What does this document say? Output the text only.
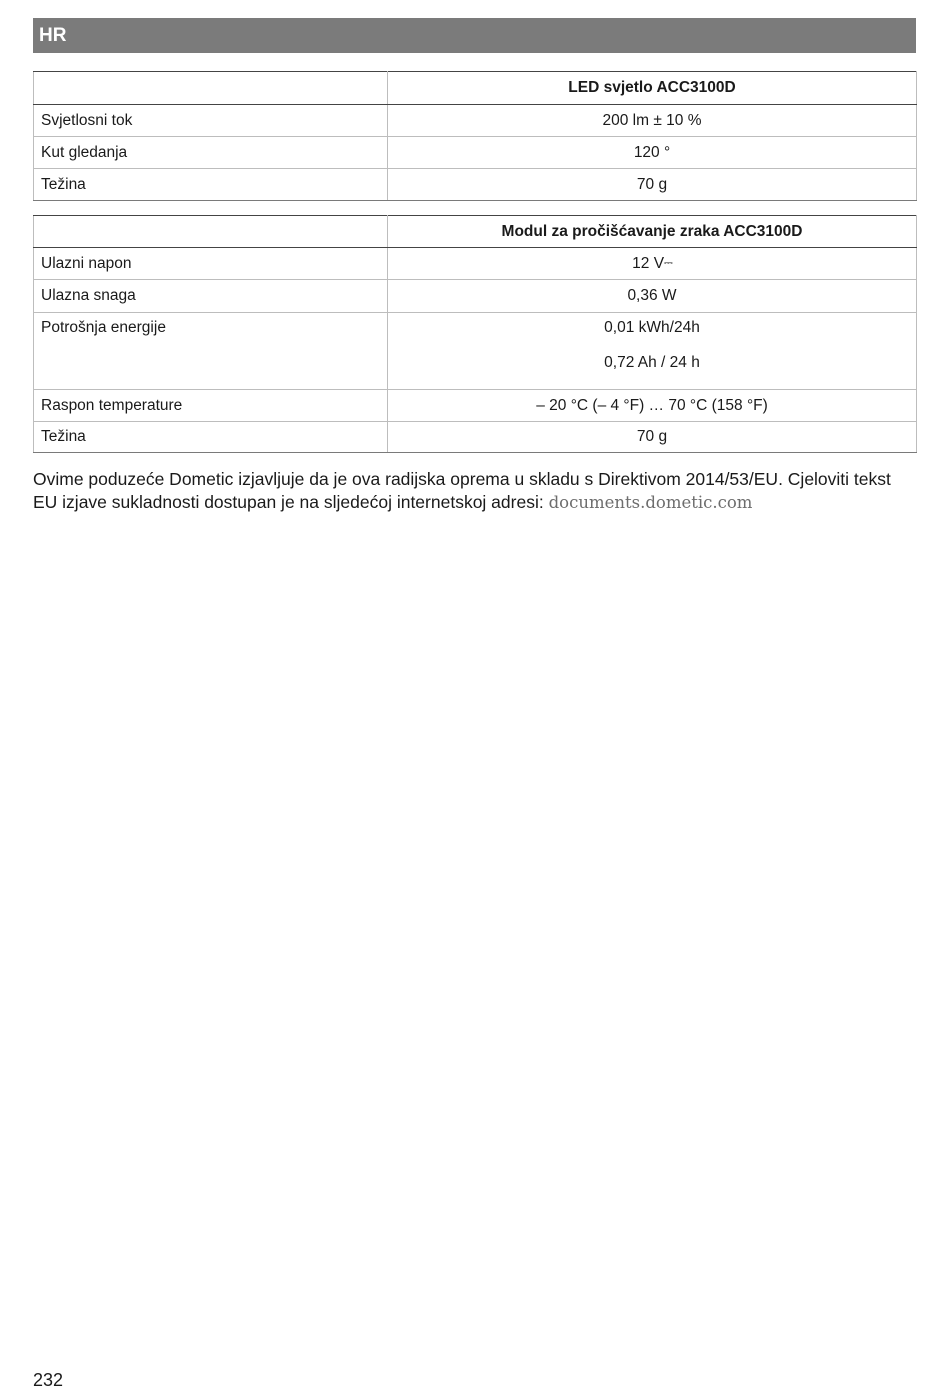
HR
	LED svjetlo ACC3100D
Svjetlosni tok	200 lm ± 10 %
Kut gledanja	120 °
Težina	70 g
	Modul za pročišćavanje zraka ACC3100D
Ulazni napon	12 V⎓
Ulazna snaga	0,36 W
Potrošnja energije	0,01 kWh/24h
0,72 Ah / 24 h

Raspon temperature	– 20 °C (– 4 °F) … 70 °C (158 °F)
Težina	70 g

Ovime poduzeće Dometic izjavljuje da je ova radijska oprema u skladu s Direktivom 2014/53/EU. Cjeloviti tekst EU izjave sukladnosti dostupan je na sljedećoj internetskoj adresi: documents.dometic.com

232
